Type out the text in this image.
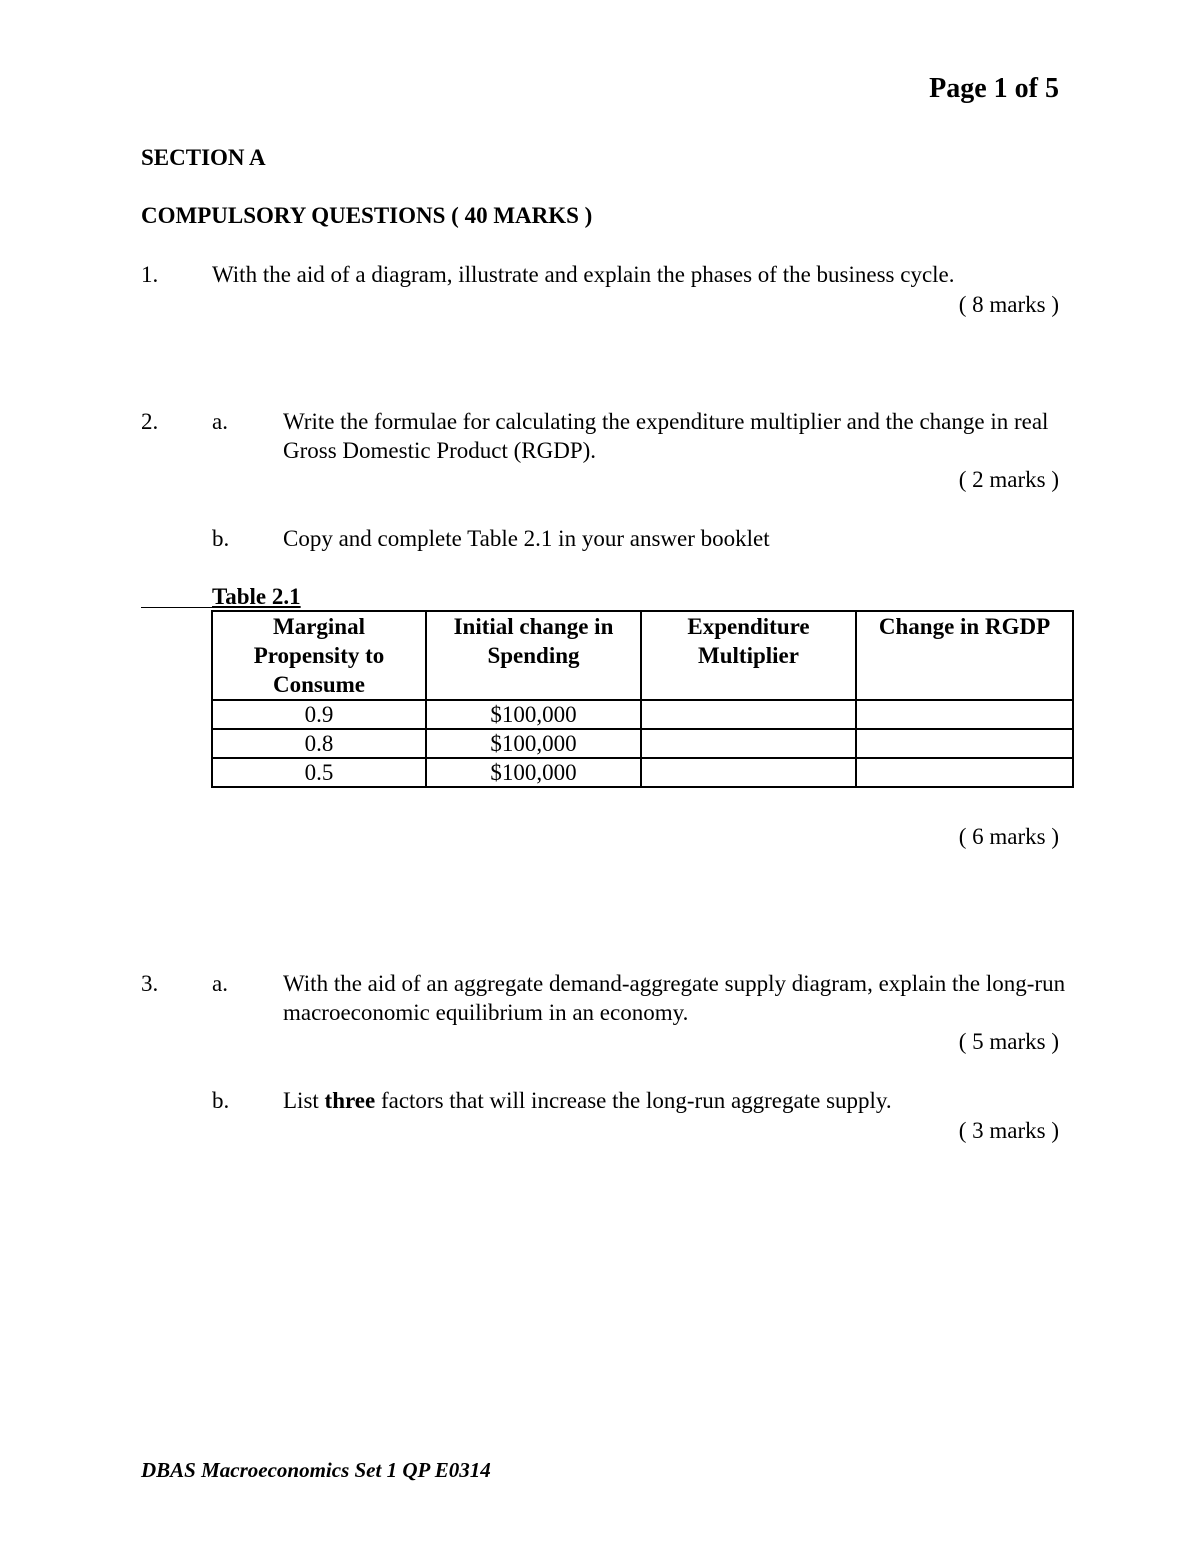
Page 1 of 5
SECTION A
COMPULSORY QUESTIONS ( 40 MARKS )
1. With the aid of a diagram, illustrate and explain the phases of the business cycle.
( 8 marks )
2. a. Write the formulae for calculating the expenditure multiplier and the change in real Gross Domestic Product (RGDP).
( 2 marks )
b. Copy and complete Table 2.1 in your answer booklet
Table 2.1
Marginal Propensity to Consume	Initial change in Spending	Expenditure Multiplier	Change in RGDP
0.9	$100,000		
0.8	$100,000		
0.5	$100,000		
( 6 marks )
3. a. With the aid of an aggregate demand-aggregate supply diagram, explain the long-run macroeconomic equilibrium in an economy.
( 5 marks )
b. List three factors that will increase the long-run aggregate supply.
( 3 marks )
DBAS Macroeconomics Set 1 QP E0314
